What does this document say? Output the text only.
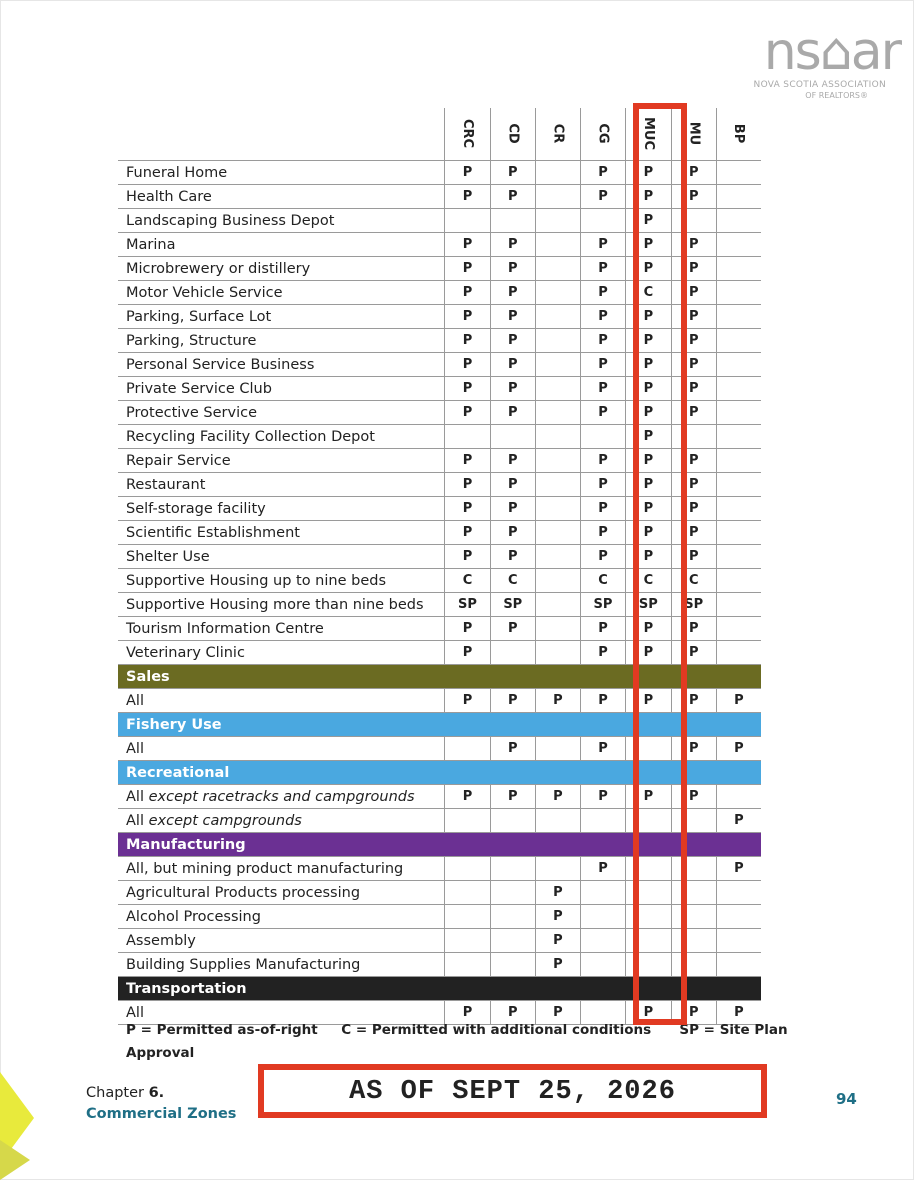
ns⌂ar
NOVA SCOTIA ASSOCIATION
OF REALTORS®
	CRC	CD	CR	CG	MUC	MU	BP
Funeral Home	P	P		P	P	P	
Health Care	P	P		P	P	P	
Landscaping Business Depot					P		
Marina	P	P		P	P	P	
Microbrewery or distillery	P	P		P	P	P	
Motor Vehicle Service	P	P		P	C	P	
Parking, Surface Lot	P	P		P	P	P	
Parking, Structure	P	P		P	P	P	
Personal Service Business	P	P		P	P	P	
Private Service Club	P	P		P	P	P	
Protective Service	P	P		P	P	P	
Recycling Facility Collection Depot					P		
Repair Service	P	P		P	P	P	
Restaurant	P	P		P	P	P	
Self-storage facility	P	P		P	P	P	
Scientific Establishment	P	P		P	P	P	
Shelter Use	P	P		P	P	P	
Supportive Housing up to nine beds	C	C		C	C	C	
Supportive Housing more than nine beds	SP	SP		SP	SP	SP	
Tourism Information Centre	P	P		P	P	P	
Veterinary Clinic	P			P	P	P	
Sales							
All	P	P	P	P	P	P	P
Fishery Use							
All		P		P		P	P
Recreational							
All except racetracks and campgrounds	P	P	P	P	P	P	
All except campgrounds							P
Manufacturing							
All, but mining product manufacturing				P			P
Agricultural Products processing			P				
Alcohol Processing			P				
Assembly			P				
Building Supplies Manufacturing			P				
Transportation							
All	P	P	P		P	P	P
P = Permitted as-of-right     C = Permitted with additional conditions      SP = Site Plan
Approval
Chapter 6.
Commercial Zones
94
AS OF SEPT 25, 2026
